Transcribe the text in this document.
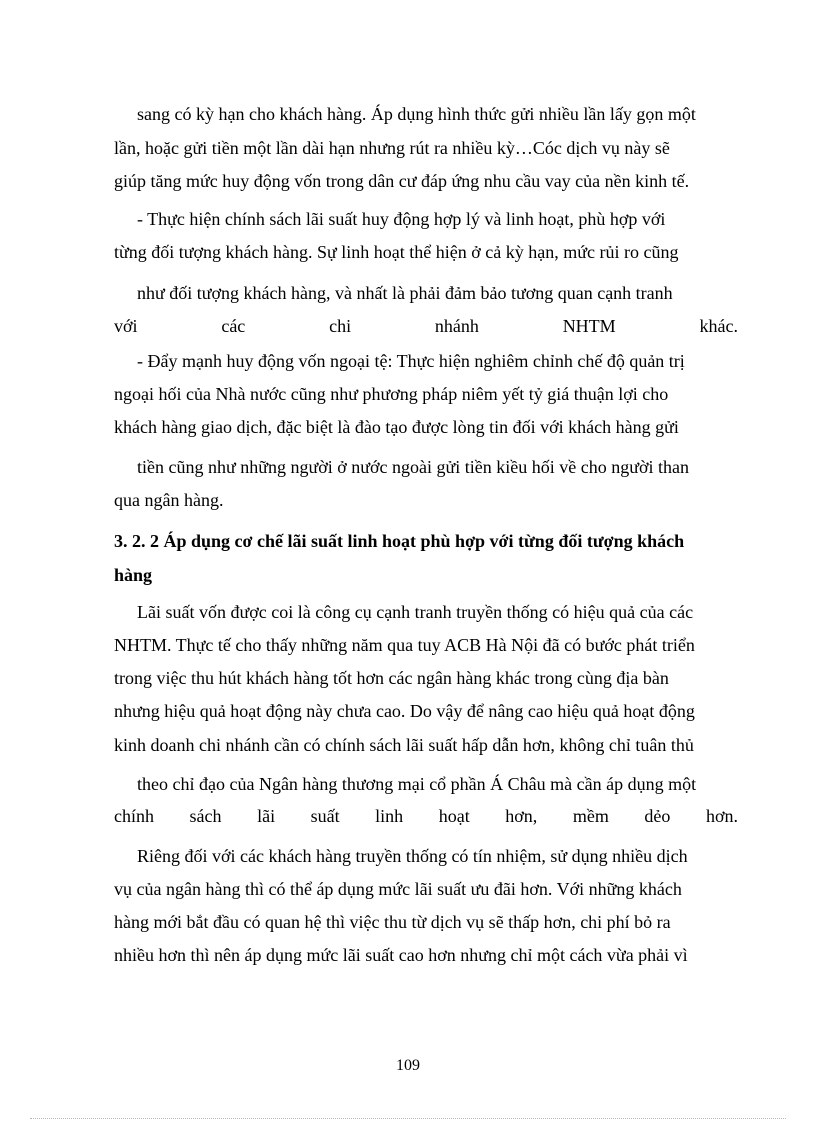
sang có kỳ hạn cho khách hàng. Áp dụng hình thức gửi nhiều lần lấy gọn một
lần, hoặc gửi tiền một lần dài hạn nhưng rút ra nhiều kỳ…Cóc dịch vụ này sẽ
giúp tăng mức huy động vốn trong dân cư đáp ứng nhu cầu vay của nền kinh tế.
- Thực hiện chính sách lãi suất huy động hợp lý và linh hoạt, phù hợp với
từng đối tượng khách hàng. Sự linh hoạt thể hiện ở cả kỳ hạn, mức rủi ro cũng
như đối tượng khách hàng, và nhất là phải đảm bảo tương quan cạnh tranh
với	các	chi	nhánh	NHTM	khác.
- Đẩy mạnh huy động vốn ngoại tệ: Thực hiện nghiêm chỉnh chế độ quản trị
ngoại hối của Nhà nước cũng như phương pháp niêm yết tỷ giá thuận lợi cho
khách hàng giao dịch, đặc biệt là đào tạo được lòng tin đối với khách hàng gửi
tiền cũng như những người ở nước ngoài gửi tiền kiều hối về cho người than
qua ngân hàng.
3. 2. 2 Áp dụng cơ chế lãi suất linh hoạt phù hợp với từng đối tượng khách
hàng
Lãi suất vốn được coi là công cụ cạnh tranh truyền thống có hiệu quả của các
NHTM. Thực tế cho thấy những năm qua tuy ACB Hà Nội đã có bước phát triển
trong việc thu hút khách hàng tốt hơn các ngân hàng khác trong cùng địa bàn
nhưng hiệu quả hoạt động này chưa cao. Do vậy để nâng cao hiệu quả hoạt động
kinh doanh chi nhánh cần có chính sách lãi suất hấp dẫn hơn, không chỉ tuân thủ
theo chỉ đạo của Ngân hàng thương mại cổ phần Á Châu mà cần áp dụng một
chính sách lãi suất linh hoạt hơn, mềm dẻo hơn.
Riêng đối với các khách hàng truyền thống có tín nhiệm, sử dụng nhiều dịch
vụ của ngân hàng thì có thể áp dụng mức lãi suất ưu đãi hơn. Với những khách
hàng mới bắt đầu có quan hệ thì việc thu từ dịch vụ sẽ thấp hơn, chi phí bỏ ra
nhiều hơn thì nên áp dụng mức lãi suất cao hơn nhưng chỉ một cách vừa phải vì
109
